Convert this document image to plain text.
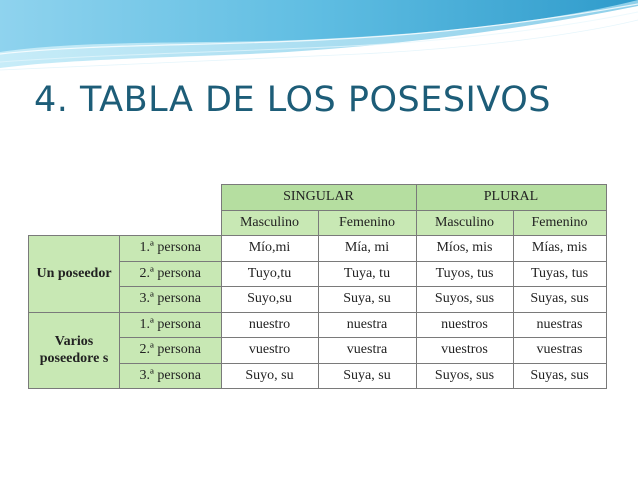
4. TABLA DE LOS POSESIVOS
		SINGULAR		PLURAL	
		Masculino	Femenino	Masculino	Femenino
Un poseedor	1.ª persona	Mío,mi	Mía, mi	Míos, mis	Mías, mis
	2.ª persona	Tuyo,tu	Tuya, tu	Tuyos, tus	Tuyas, tus
	3.ª persona	Suyo,su	Suya, su	Suyos, sus	Suyas, sus
Varios poseedore s	1.ª persona	nuestro	nuestra	nuestros	nuestras
	2.ª persona	vuestro	vuestra	vuestros	vuestras
	3.ª persona	Suyo, su	Suya, su	Suyos, sus	Suyas, sus
